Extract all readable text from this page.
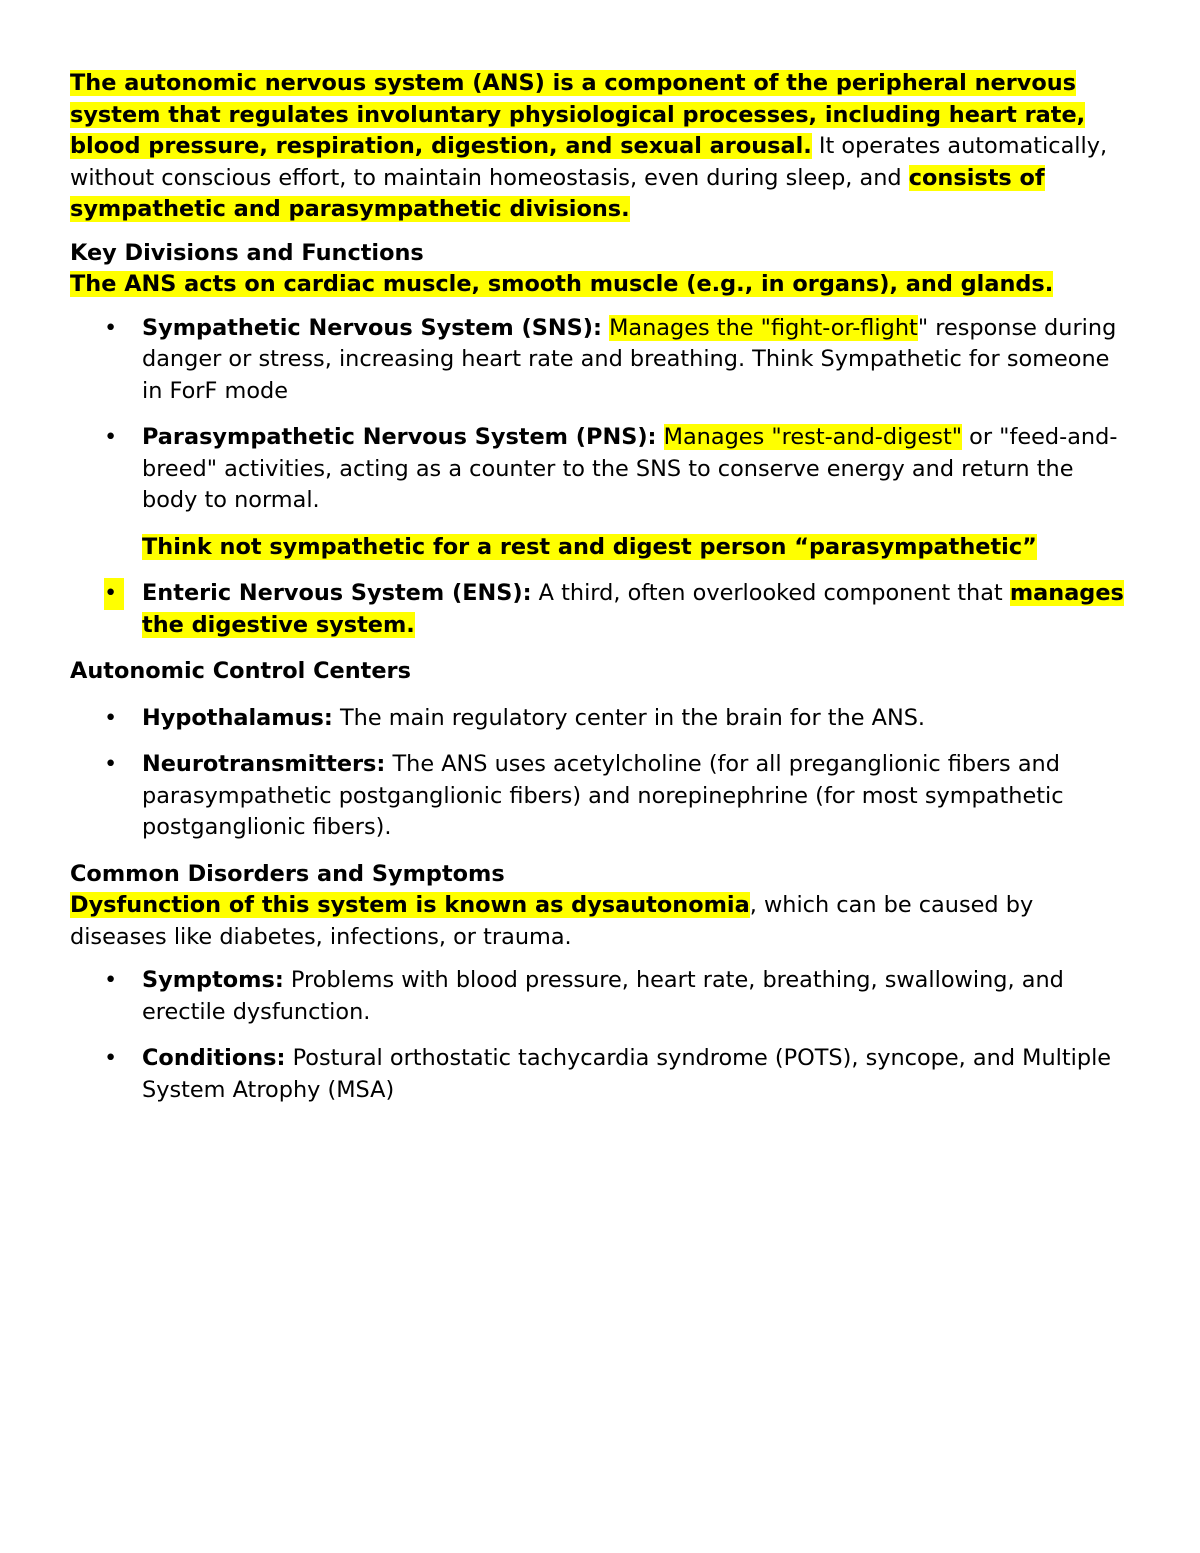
The autonomic nervous system (ANS) is a component of the peripheral nervous system that regulates involuntary physiological processes, including heart rate, blood pressure, respiration, digestion, and sexual arousal. It operates automatically, without conscious effort, to maintain homeostasis, even during sleep, and consists of sympathetic and parasympathetic divisions.

Key Divisions and Functions

The ANS acts on cardiac muscle, smooth muscle (e.g., in organs), and glands.

•	Sympathetic Nervous System (SNS): Manages the "fight-or-flight" response during danger or stress, increasing heart rate and breathing. Think Sympathetic for someone in ForF mode
•	Parasympathetic Nervous System (PNS): Manages "rest-and-digest" or "feed-and-breed" activities, acting as a counter to the SNS to conserve energy and return the body to normal.

Think not sympathetic for a rest and digest person “parasympathetic”

•	Enteric Nervous System (ENS): A third, often overlooked component that manages the digestive system.

Autonomic Control Centers

•	Hypothalamus: The main regulatory center in the brain for the ANS.
•	Neurotransmitters: The ANS uses acetylcholine (for all preganglionic fibers and parasympathetic postganglionic fibers) and norepinephrine (for most sympathetic postganglionic fibers).

Common Disorders and Symptoms

Dysfunction of this system is known as dysautonomia, which can be caused by diseases like diabetes, infections, or trauma.

•	Symptoms: Problems with blood pressure, heart rate, breathing, swallowing, and erectile dysfunction.
•	Conditions: Postural orthostatic tachycardia syndrome (POTS), syncope, and Multiple System Atrophy (MSA)
